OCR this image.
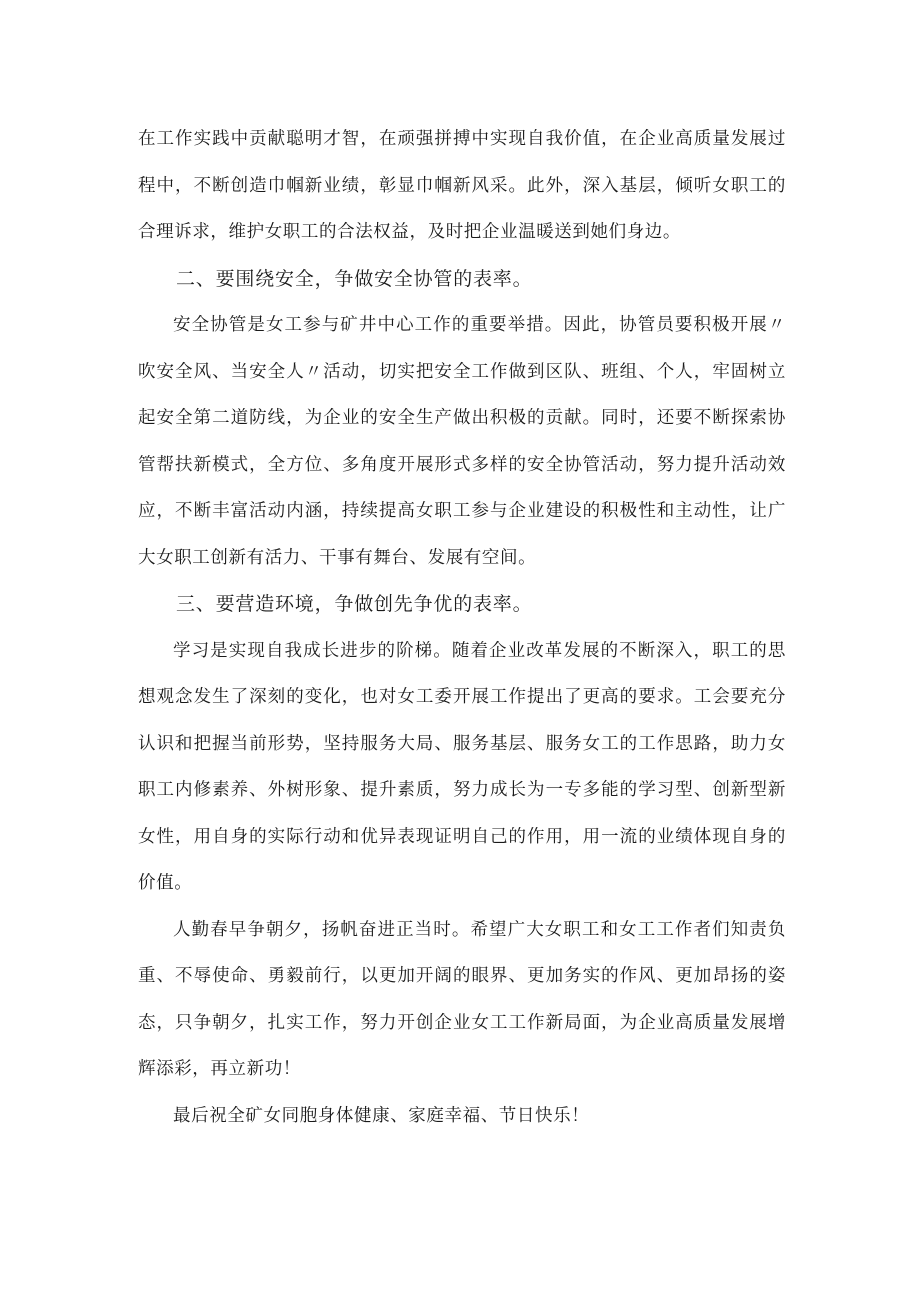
在工作实践中贡献聪明才智，在顽强拼搏中实现自我价值，在企业高质量发展过程中，不断创造巾帼新业绩，彰显巾帼新风采。此外，深入基层，倾听女职工的合理诉求，维护女职工的合法权益，及时把企业温暖送到她们身边。

二、要围绕安全，争做安全协管的表率。

安全协管是女工参与矿井中心工作的重要举措。因此，协管员要积极开展〃吹安全风、当安全人〃活动，切实把安全工作做到区队、班组、个人，牢固树立起安全第二道防线，为企业的安全生产做出积极的贡献。同时，还要不断探索协管帮扶新模式，全方位、多角度开展形式多样的安全协管活动，努力提升活动效应，不断丰富活动内涵，持续提高女职工参与企业建设的积极性和主动性，让广大女职工创新有活力、干事有舞台、发展有空间。

三、要营造环境，争做创先争优的表率。

学习是实现自我成长进步的阶梯。随着企业改革发展的不断深入，职工的思想观念发生了深刻的变化，也对女工委开展工作提出了更高的要求。工会要充分认识和把握当前形势，坚持服务大局、服务基层、服务女工的工作思路，助力女职工内修素养、外树形象、提升素质，努力成长为一专多能的学习型、创新型新女性，用自身的实际行动和优异表现证明自己的作用，用一流的业绩体现自身的价值。

人勤春早争朝夕，扬帆奋进正当时。希望广大女职工和女工工作者们知责负重、不辱使命、勇毅前行，以更加开阔的眼界、更加务实的作风、更加昂扬的姿态，只争朝夕，扎实工作，努力开创企业女工工作新局面，为企业高质量发展增辉添彩，再立新功！

最后祝全矿女同胞身体健康、家庭幸福、节日快乐！
